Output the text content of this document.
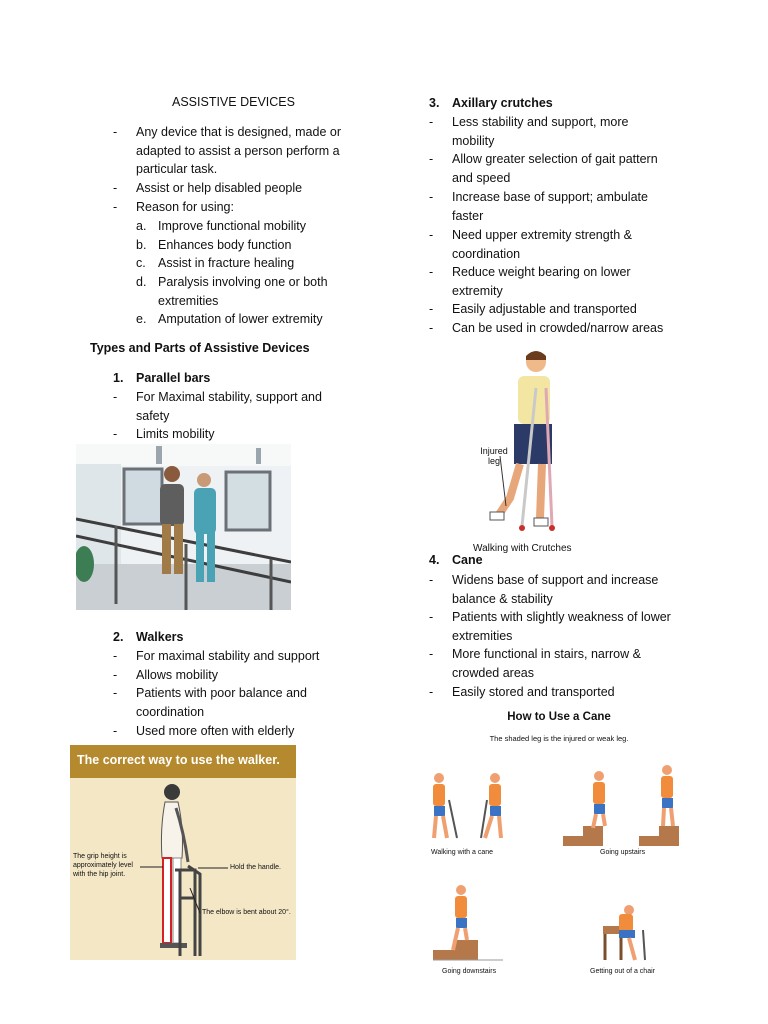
ASSISTIVE DEVICES
- Any device that is designed, made or adapted to assist a person perform a particular task.
- Assist or help disabled people
- Reason for using:
a. Improve functional mobility
b. Enhances body function
c. Assist in fracture healing
d. Paralysis involving one or both extremities
e. Amputation of lower extremity
Types and Parts of Assistive Devices
1. Parallel bars
- For Maximal stability, support and safety
- Limits mobility
2. Walkers
- For maximal stability and support
- Allows mobility
- Patients with poor balance and coordination
- Used more often with elderly
The correct way to use the walker.
The grip height is approximately level with the hip joint.
Hold the handle.
The elbow is bent about 20°.
3. Axillary crutches
- Less stability and support, more mobility
- Allow greater selection of gait pattern and speed
- Increase base of support; ambulate faster
- Need upper extremity strength & coordination
- Reduce weight bearing on lower extremity
- Easily adjustable and transported
- Can be used in crowded/narrow areas
Injured leg
Walking with Crutches
4. Cane
- Widens base of support and increase balance & stability
- Patients with slightly weakness of lower extremities
- More functional in stairs, narrow & crowded areas
- Easily stored and transported
How to Use a Cane
The shaded leg is the injured or weak leg.
Walking with a cane	Going upstairs
Going downstairs	Getting out of a chair
